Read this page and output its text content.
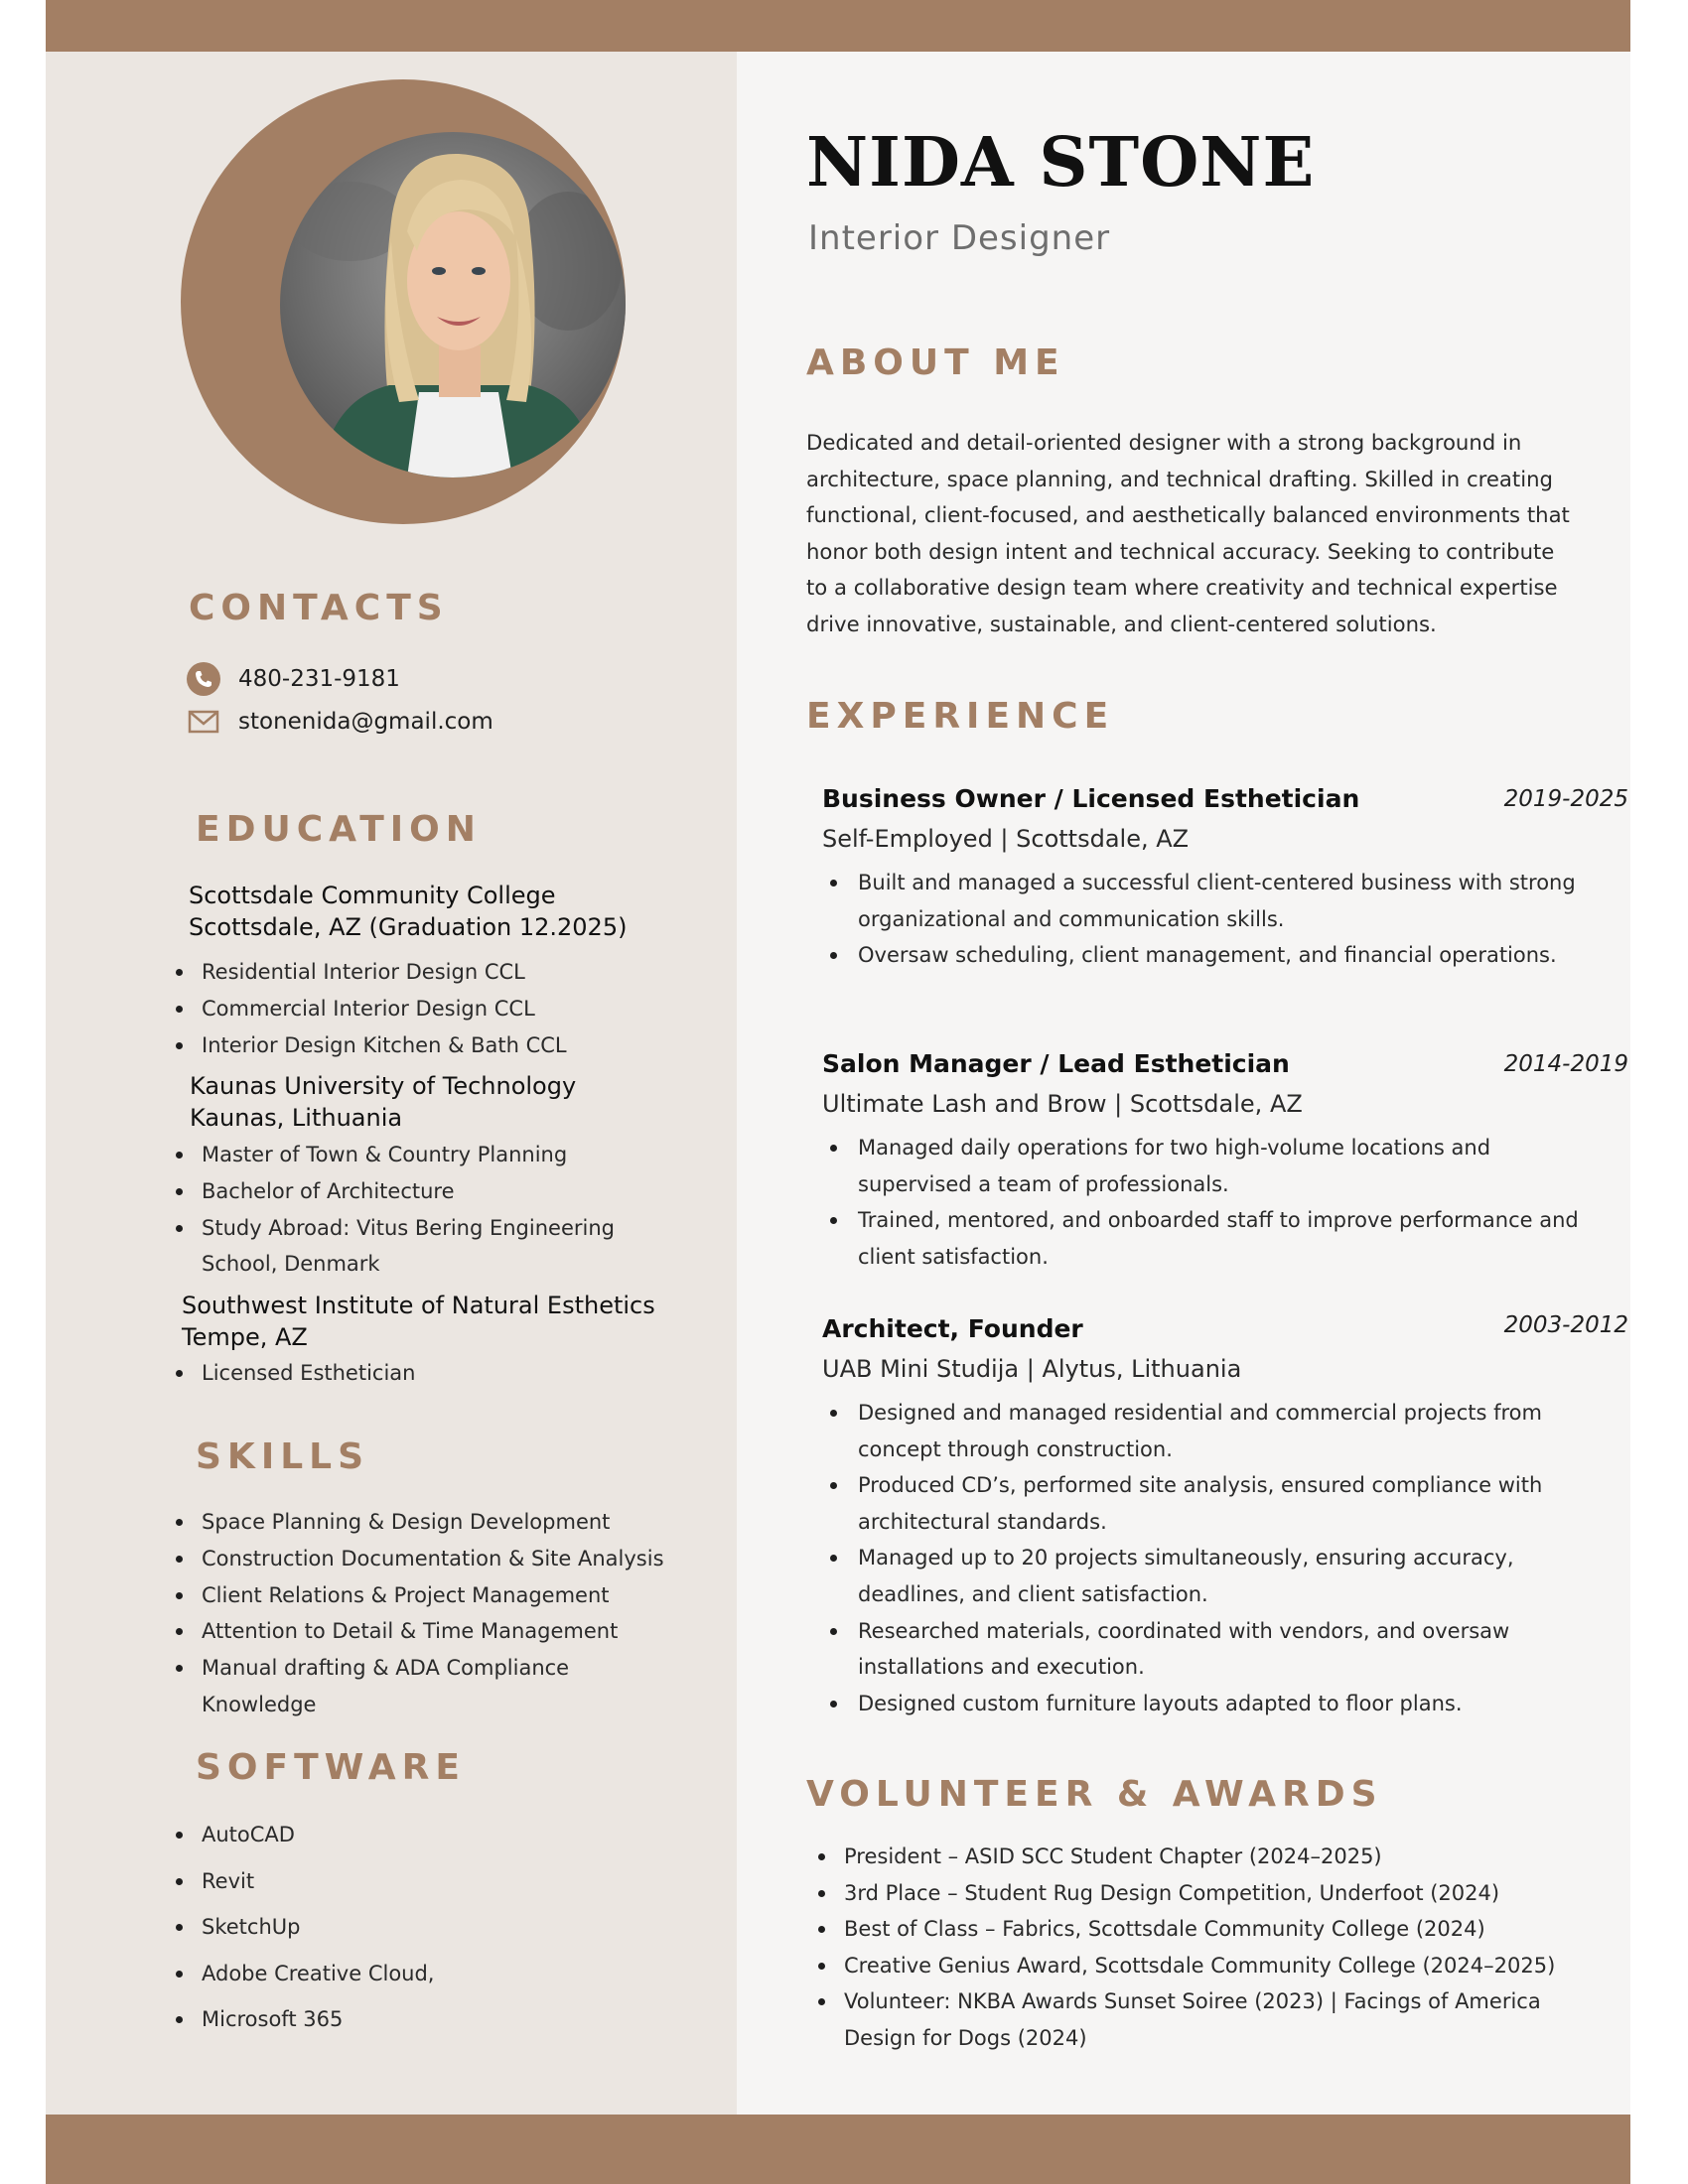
CONTACTS
480-231-9181
stonenida@gmail.com
EDUCATION
Scottsdale Community College
Scottsdale, AZ (Graduation 12.2025)
Residential Interior Design CCL
Commercial Interior Design CCL
Interior Design Kitchen & Bath CCL
Kaunas University of Technology
Kaunas, Lithuania
Master of Town & Country Planning
Bachelor of Architecture
Study Abroad: Vitus Bering Engineering School, Denmark
Southwest Institute of Natural Esthetics
Tempe, AZ
Licensed Esthetician
SKILLS
Space Planning & Design Development
Construction Documentation & Site Analysis
Client Relations & Project Management
Attention to Detail & Time Management
Manual drafting & ADA Compliance Knowledge
SOFTWARE
AutoCAD
Revit
SketchUp
Adobe Creative Cloud,
Microsoft 365
NIDA STONE
Interior Designer
ABOUT ME

Dedicated and detail-oriented designer with a strong background in architecture, space planning, and technical drafting. Skilled in creating functional, client-focused, and aesthetically balanced environments that honor both design intent and technical accuracy. Seeking to contribute to a collaborative design team where creativity and technical expertise drive innovative, sustainable, and client-centered solutions.

EXPERIENCE
Business Owner / Licensed Esthetician	2019-2025
Self-Employed | Scottsdale, AZ
Built and managed a successful client-centered business with strong organizational and communication skills.
Oversaw scheduling, client management, and financial operations.
Salon Manager / Lead Esthetician	2014-2019
Ultimate Lash and Brow | Scottsdale, AZ
Managed daily operations for two high-volume locations and supervised a team of professionals.
Trained, mentored, and onboarded staff to improve performance and client satisfaction.
Architect, Founder	2003-2012
UAB Mini Studija | Alytus, Lithuania
Designed and managed residential and commercial projects from concept through construction.
Produced CD’s, performed site analysis, ensured compliance with architectural standards.
Managed up to 20 projects simultaneously, ensuring accuracy, deadlines, and client satisfaction.
Researched materials, coordinated with vendors, and oversaw installations and execution.
Designed custom furniture layouts adapted to floor plans.
VOLUNTEER & AWARDS
President – ASID SCC Student Chapter (2024–2025)
3rd Place – Student Rug Design Competition, Underfoot (2024)
Best of Class – Fabrics, Scottsdale Community College (2024)
Creative Genius Award, Scottsdale Community College (2024–2025)
Volunteer: NKBA Awards Sunset Soiree (2023) | Facings of America Design for Dogs (2024)
